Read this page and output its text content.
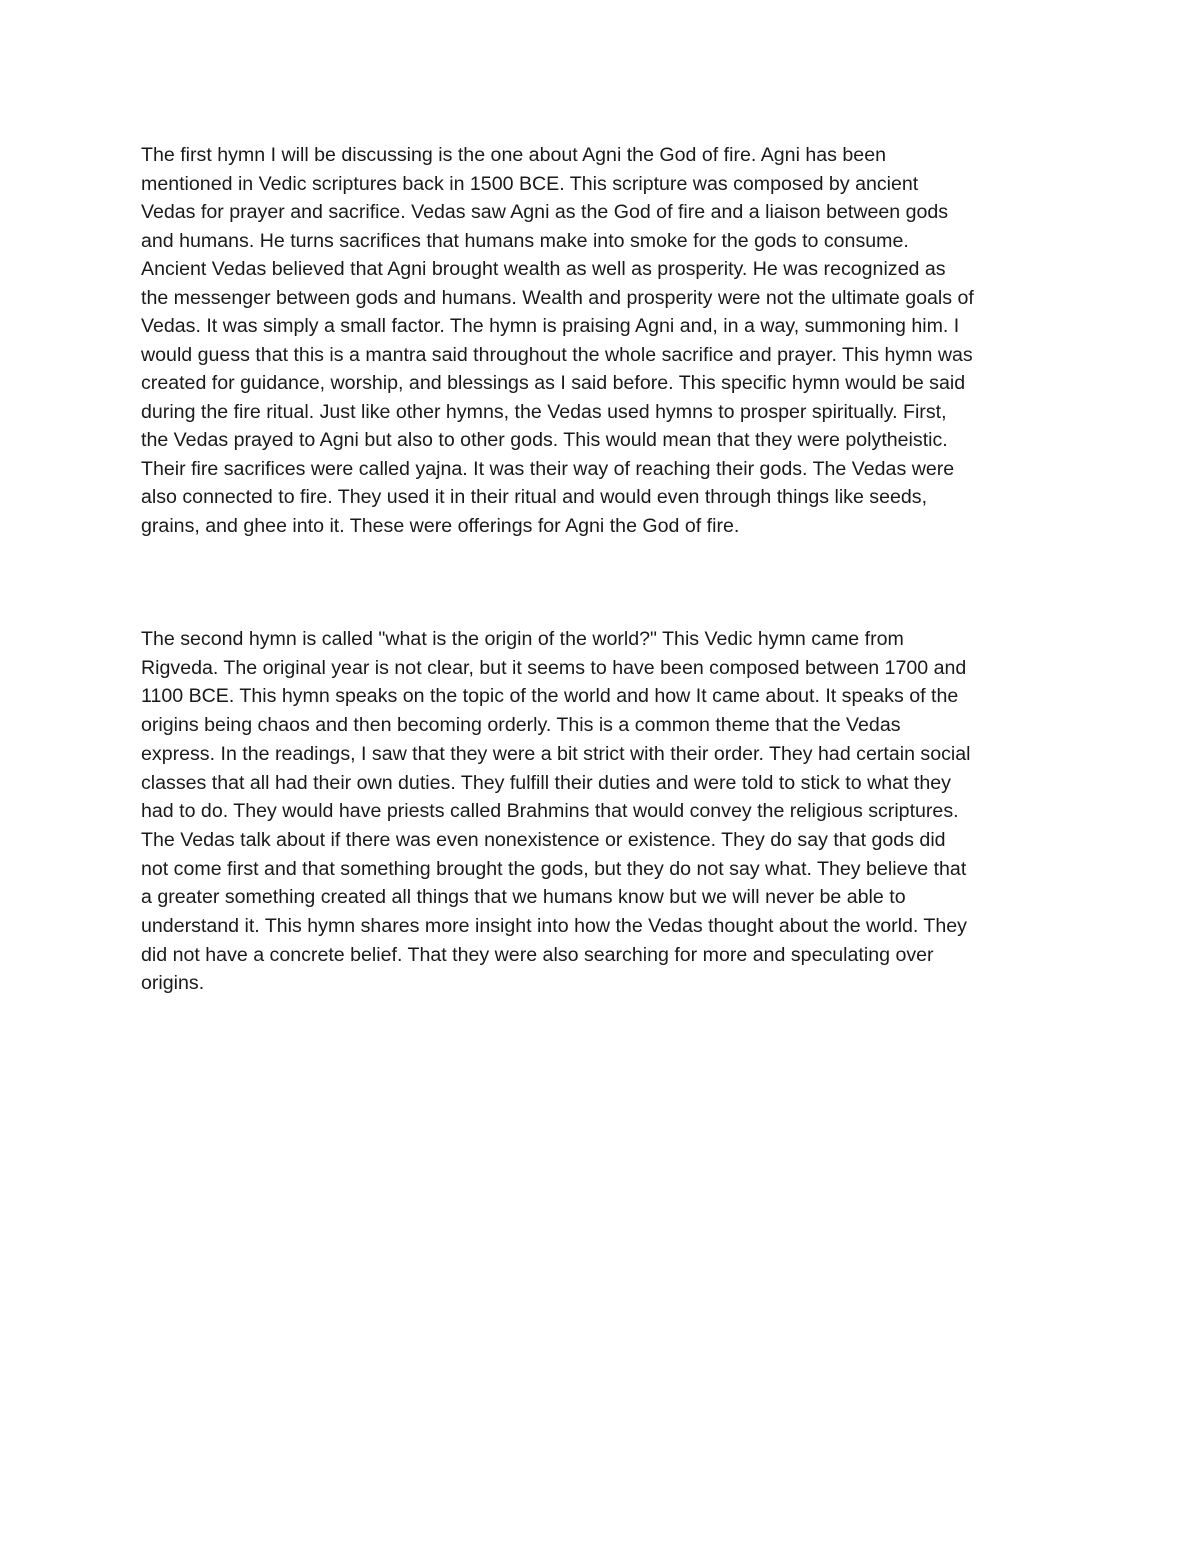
The first hymn I will be discussing is the one about Agni the God of fire. Agni has been
mentioned in Vedic scriptures back in 1500 BCE. This scripture was composed by ancient
Vedas for prayer and sacrifice. Vedas saw Agni as the God of fire and a liaison between gods
and humans. He turns sacrifices that humans make into smoke for the gods to consume.
Ancient Vedas believed that Agni brought wealth as well as prosperity. He was recognized as
the messenger between gods and humans. Wealth and prosperity were not the ultimate goals of
Vedas. It was simply a small factor. The hymn is praising Agni and, in a way, summoning him. I
would guess that this is a mantra said throughout the whole sacrifice and prayer. This hymn was
created for guidance, worship, and blessings as I said before. This specific hymn would be said
during the fire ritual. Just like other hymns, the Vedas used hymns to prosper spiritually. First,
the Vedas prayed to Agni but also to other gods. This would mean that they were polytheistic.
Their fire sacrifices were called yajna. It was their way of reaching their gods. The Vedas were
also connected to fire. They used it in their ritual and would even through things like seeds,
grains, and ghee into it. These were offerings for Agni the God of fire.
The second hymn is called "what is the origin of the world?" This Vedic hymn came from
Rigveda. The original year is not clear, but it seems to have been composed between 1700 and
1100 BCE. This hymn speaks on the topic of the world and how It came about. It speaks of the
origins being chaos and then becoming orderly. This is a common theme that the Vedas
express. In the readings, I saw that they were a bit strict with their order. They had certain social
classes that all had their own duties. They fulfill their duties and were told to stick to what they
had to do. They would have priests called Brahmins that would convey the religious scriptures.
The Vedas talk about if there was even nonexistence or existence. They do say that gods did
not come first and that something brought the gods, but they do not say what. They believe that
a greater something created all things that we humans know but we will never be able to
understand it. This hymn shares more insight into how the Vedas thought about the world. They
did not have a concrete belief. That they were also searching for more and speculating over
origins.
